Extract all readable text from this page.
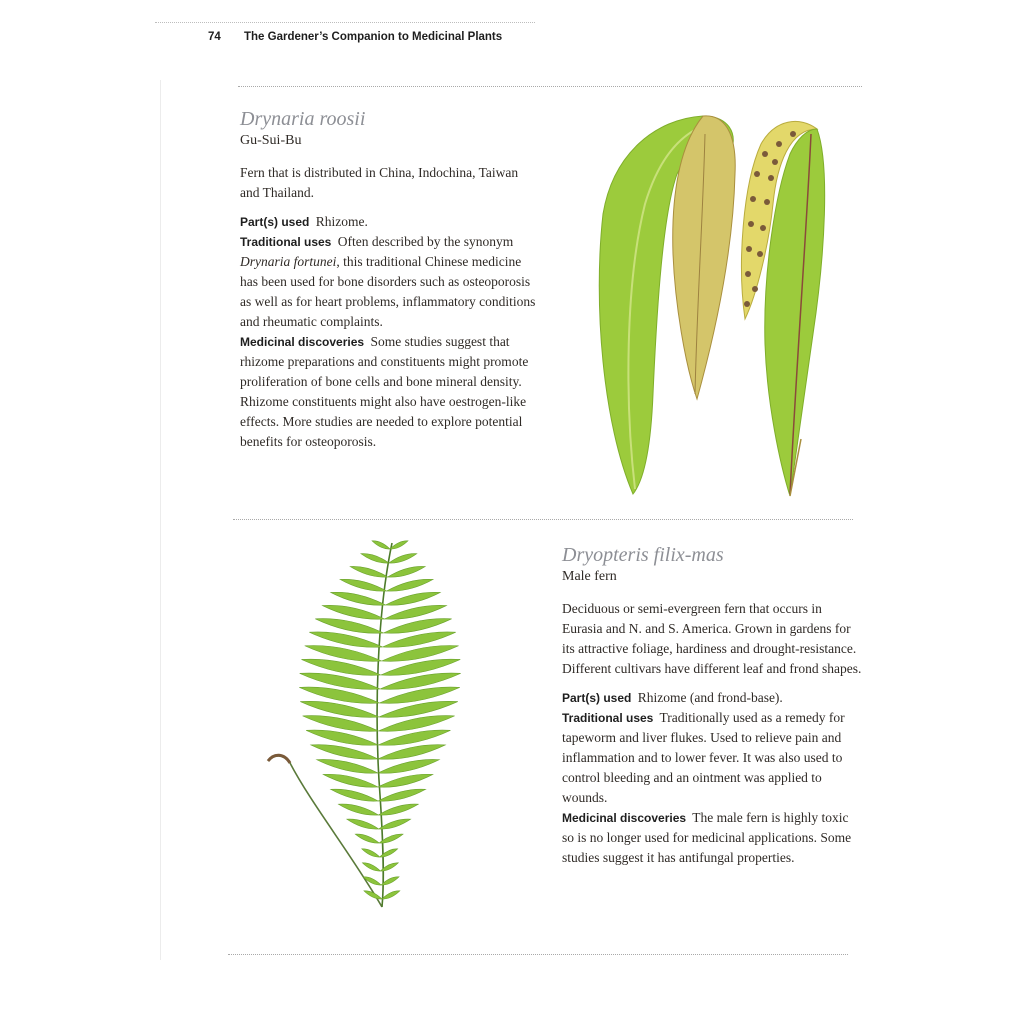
74 The Gardener’s Companion to Medicinal Plants

Drynaria roosii

Gu-Sui-Bu

Fern that is distributed in China, Indochina, Taiwan and Thailand.

Part(s) used Rhizome.

Traditional uses Often described by the synonym Drynaria fortunei, this traditional Chinese medicine has been used for bone disorders such as osteoporosis as well as for heart problems, inflammatory conditions and rheumatic complaints.

Medicinal discoveries Some studies suggest that rhizome preparations and constituents might promote proliferation of bone cells and bone mineral density. Rhizome constituents might also have oestrogen-like effects. More studies are needed to explore potential benefits for osteoporosis.

Dryopteris filix-mas

Male fern

Deciduous or semi-evergreen fern that occurs in Eurasia and N. and S. America. Grown in gardens for its attractive foliage, hardiness and drought-resistance. Different cultivars have different leaf and frond shapes.

Part(s) used Rhizome (and frond-base).

Traditional uses Traditionally used as a remedy for tapeworm and liver flukes. Used to relieve pain and inflammation and to lower fever. It was also used to control bleeding and an ointment was applied to wounds.

Medicinal discoveries The male fern is highly toxic so is no longer used for medicinal applications. Some studies suggest it has antifungal properties.
